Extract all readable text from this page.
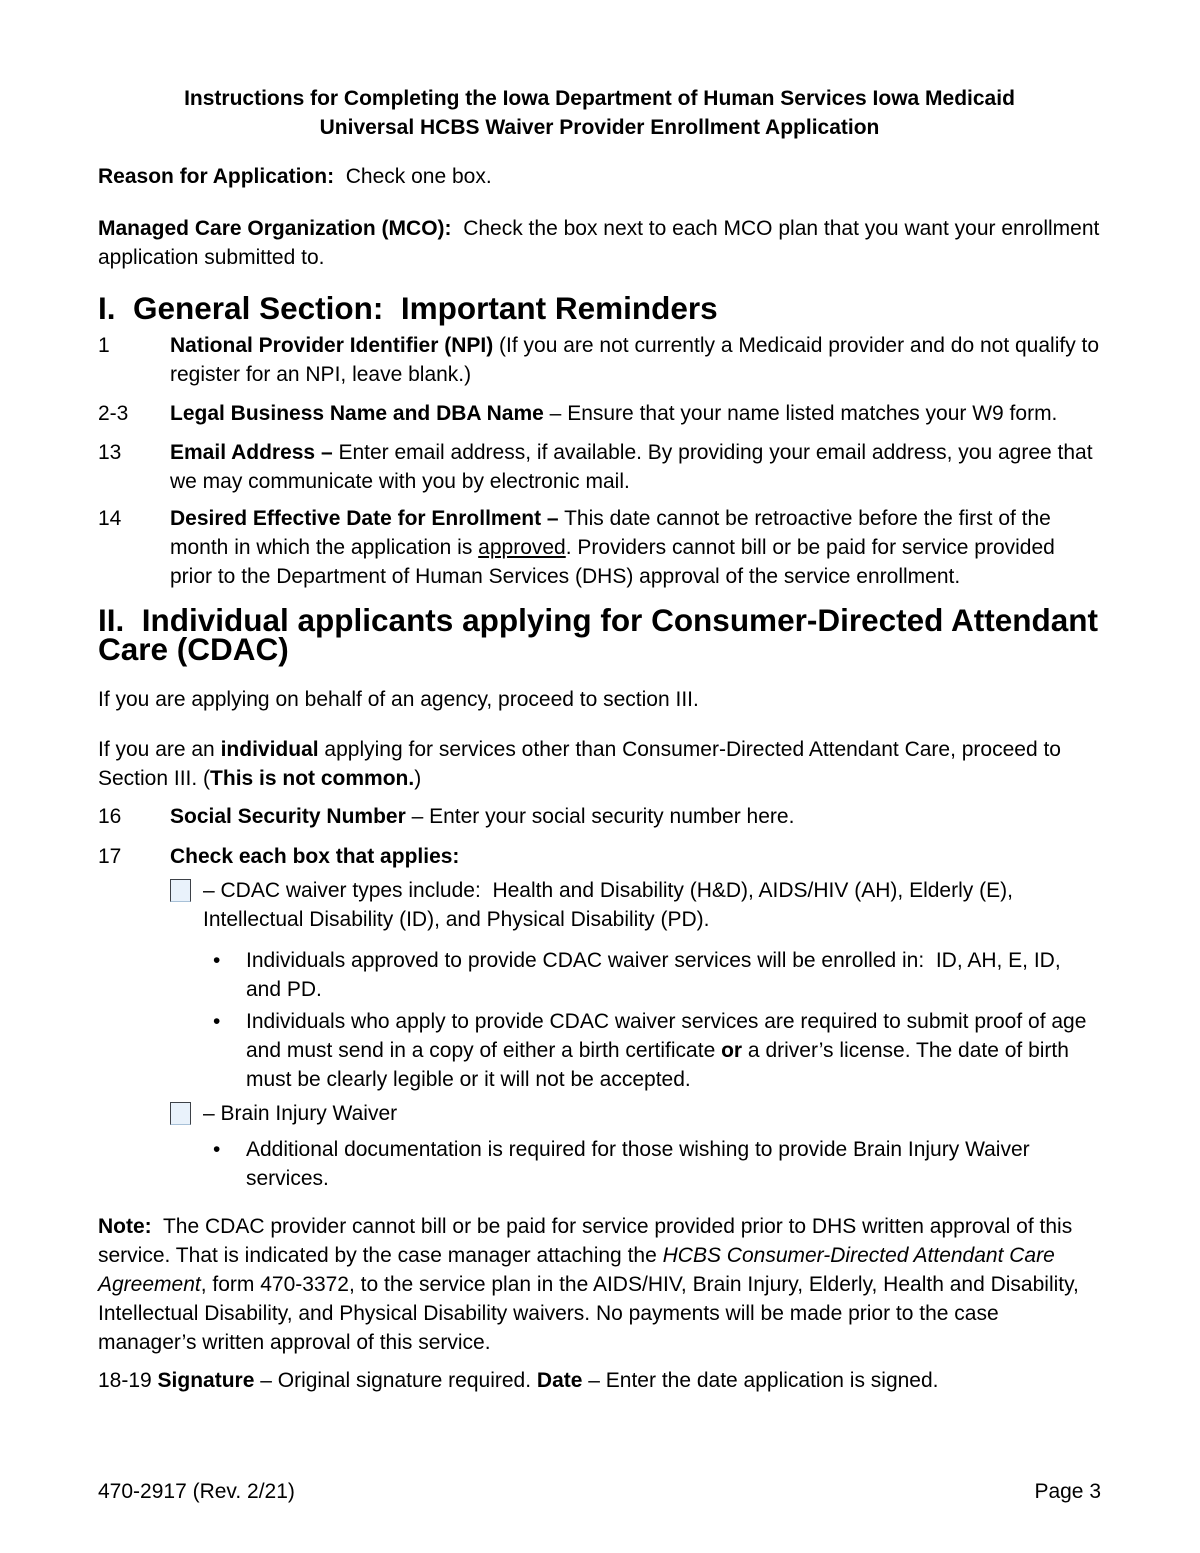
Instructions for Completing the Iowa Department of Human Services Iowa Medicaid
Universal HCBS Waiver Provider Enrollment Application

Reason for Application:  Check one box.

Managed Care Organization (MCO):  Check the box next to each MCO plan that you want your enrollment application submitted to.

I.  General Section:  Important Reminders
1	National Provider Identifier (NPI) (If you are not currently a Medicaid provider and do not qualify to register for an NPI, leave blank.)
2-3	Legal Business Name and DBA Name – Ensure that your name listed matches your W9 form.
13	Email Address – Enter email address, if available. By providing your email address, you agree that we may communicate with you by electronic mail.
14	Desired Effective Date for Enrollment – This date cannot be retroactive before the first of the month in which the application is approved. Providers cannot bill or be paid for service provided prior to the Department of Human Services (DHS) approval of the service enrollment.
II.  Individual applicants applying for Consumer-Directed Attendant Care (CDAC)

If you are applying on behalf of an agency, proceed to section III.

If you are an individual applying for services other than Consumer-Directed Attendant Care, proceed to Section III. (This is not common.)

16	Social Security Number – Enter your social security number here.
17	Check each box that applies:
– CDAC waiver types include:  Health and Disability (H&D), AIDS/HIV (AH), Elderly (E), Intellectual Disability (ID), and Physical Disability (PD).
•	Individuals approved to provide CDAC waiver services will be enrolled in:  ID, AH, E, ID, and PD.
•	Individuals who apply to provide CDAC waiver services are required to submit proof of age and must send in a copy of either a birth certificate or a driver’s license. The date of birth must be clearly legible or it will not be accepted.
– Brain Injury Waiver
•	Additional documentation is required for those wishing to provide Brain Injury Waiver services.

Note:  The CDAC provider cannot bill or be paid for service provided prior to DHS written approval of this service. That is indicated by the case manager attaching the HCBS Consumer-Directed Attendant Care Agreement, form 470-3372, to the service plan in the AIDS/HIV, Brain Injury, Elderly, Health and Disability, Intellectual Disability, and Physical Disability waivers. No payments will be made prior to the case manager’s written approval of this service.

18-19 Signature – Original signature required. Date – Enter the date application is signed.

470-2917 (Rev. 2/21)	Page 3
